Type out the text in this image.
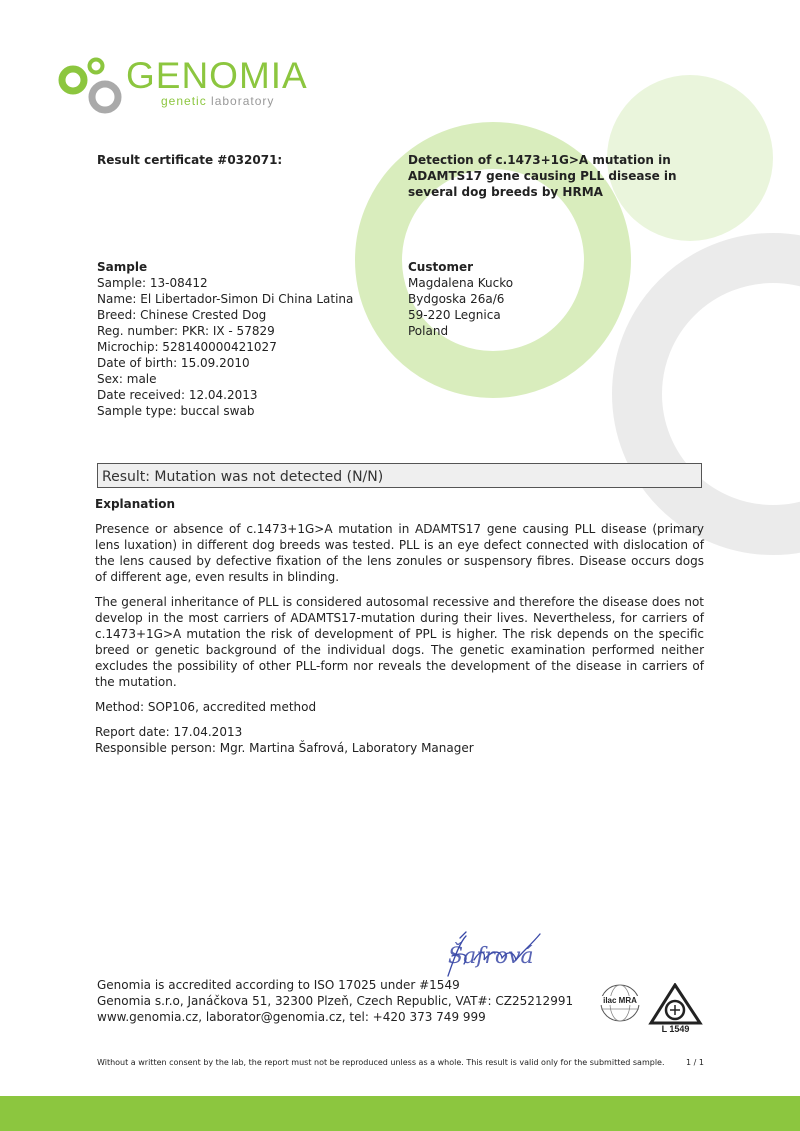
GENOMIA
genetic laboratory
Result certificate #032071:	Detection of c.1473+1G>A mutation in ADAMTS17 gene causing PLL disease in several dog breeds by HRMA
Sample
Sample: 13-08412
Name: El Libertador-Simon Di China Latina
Breed: Chinese Crested Dog
Reg. number: PKR: IX - 57829
Microchip: 528140000421027
Date of birth: 15.09.2010
Sex: male
Date received: 12.04.2013
Sample type: buccal swab
Customer
Magdalena Kucko
Bydgoska 26a/6
59-220 Legnica
Poland
Result: Mutation was not detected (N/N)
Explanation

Presence or absence of c.1473+1G>A mutation in ADAMTS17 gene causing PLL disease (primary lens luxation) in different dog breeds was tested. PLL is an eye defect connected with dislocation of the lens caused by defective fixation of the lens zonules or suspensory fibres. Disease occurs dogs of different age, even results in blinding.

The general inheritance of PLL is considered autosomal recessive and therefore the disease does not develop in the most carriers of ADAMTS17-mutation during their lives. Nevertheless, for carriers of c.1473+1G>A mutation the risk of development of PPL is higher. The risk depends on the specific breed or genetic background of the individual dogs. The genetic examination performed neither excludes the possibility of other PLL-form nor reveals the development of the disease in carriers of the mutation.

Method: SOP106, accredited method
Report date: 17.04.2013
Responsible person: Mgr. Martina Šafrová, Laboratory Manager
Šafrová
Genomia is accredited according to ISO 17025 under #1549
Genomia s.r.o, Janáčkova 51, 32300 Plzeň, Czech Republic, VAT#: CZ25212991
www.genomia.cz, laborator@genomia.cz, tel: +420 373 749 999
ilac MRA
L 1549
Without a written consent by the lab, the report must not be reproduced unless as a whole. This result is valid only for the submitted sample.	1 / 1
